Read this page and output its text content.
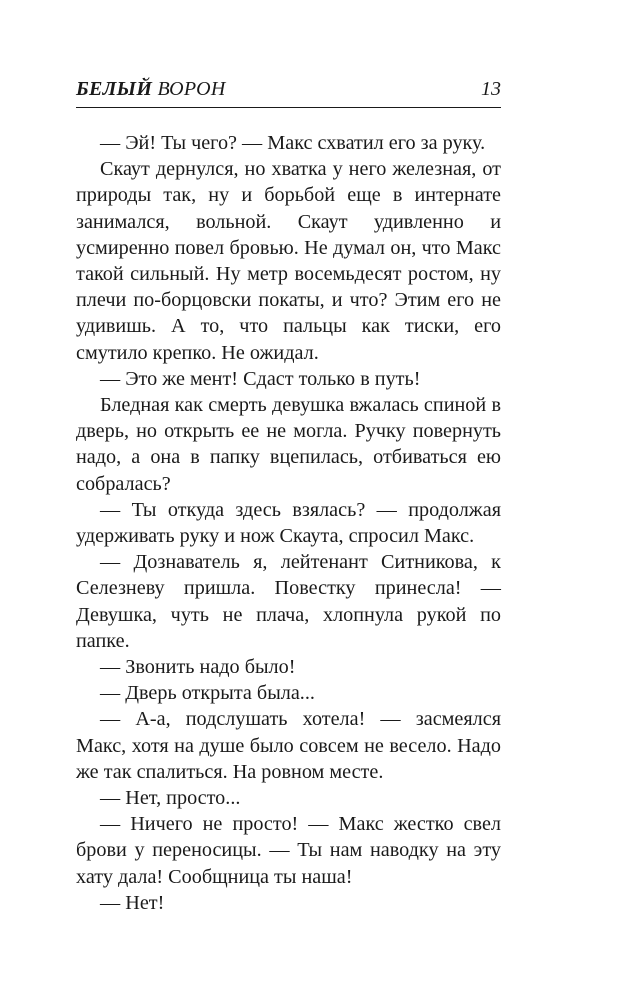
БЕЛЫЙ ВОРОН	13

— Эй! Ты чего? — Макс схватил его за руку.

Скаут дернулся, но хватка у него железная, от природы так, ну и борьбой еще в интернате занимался, вольной. Скаут удивленно и усмиренно повел бровью. Не думал он, что Макс такой сильный. Ну метр восемьдесят ростом, ну плечи по-борцовски покаты, и что? Этим его не удивишь. А то, что пальцы как тиски, его смутило крепко. Не ожидал.

— Это же мент! Сдаст только в путь!

Бледная как смерть девушка вжалась спиной в дверь, но открыть ее не могла. Ручку повернуть надо, а она в папку вцепилась, отбиваться ею собралась?

— Ты откуда здесь взялась? — продолжая удерживать руку и нож Скаута, спросил Макс.

— Дознаватель я, лейтенант Ситникова, к Селезневу пришла. Повестку принесла! — Девушка, чуть не плача, хлопнула рукой по папке.

— Звонить надо было!

— Дверь открыта была...

— А-а, подслушать хотела! — засмеялся Макс, хотя на душе было совсем не весело. Надо же так спалиться. На ровном месте.

— Нет, просто...

— Ничего не просто! — Макс жестко свел брови у переносицы. — Ты нам наводку на эту хату дала! Сообщница ты наша!

— Нет!
